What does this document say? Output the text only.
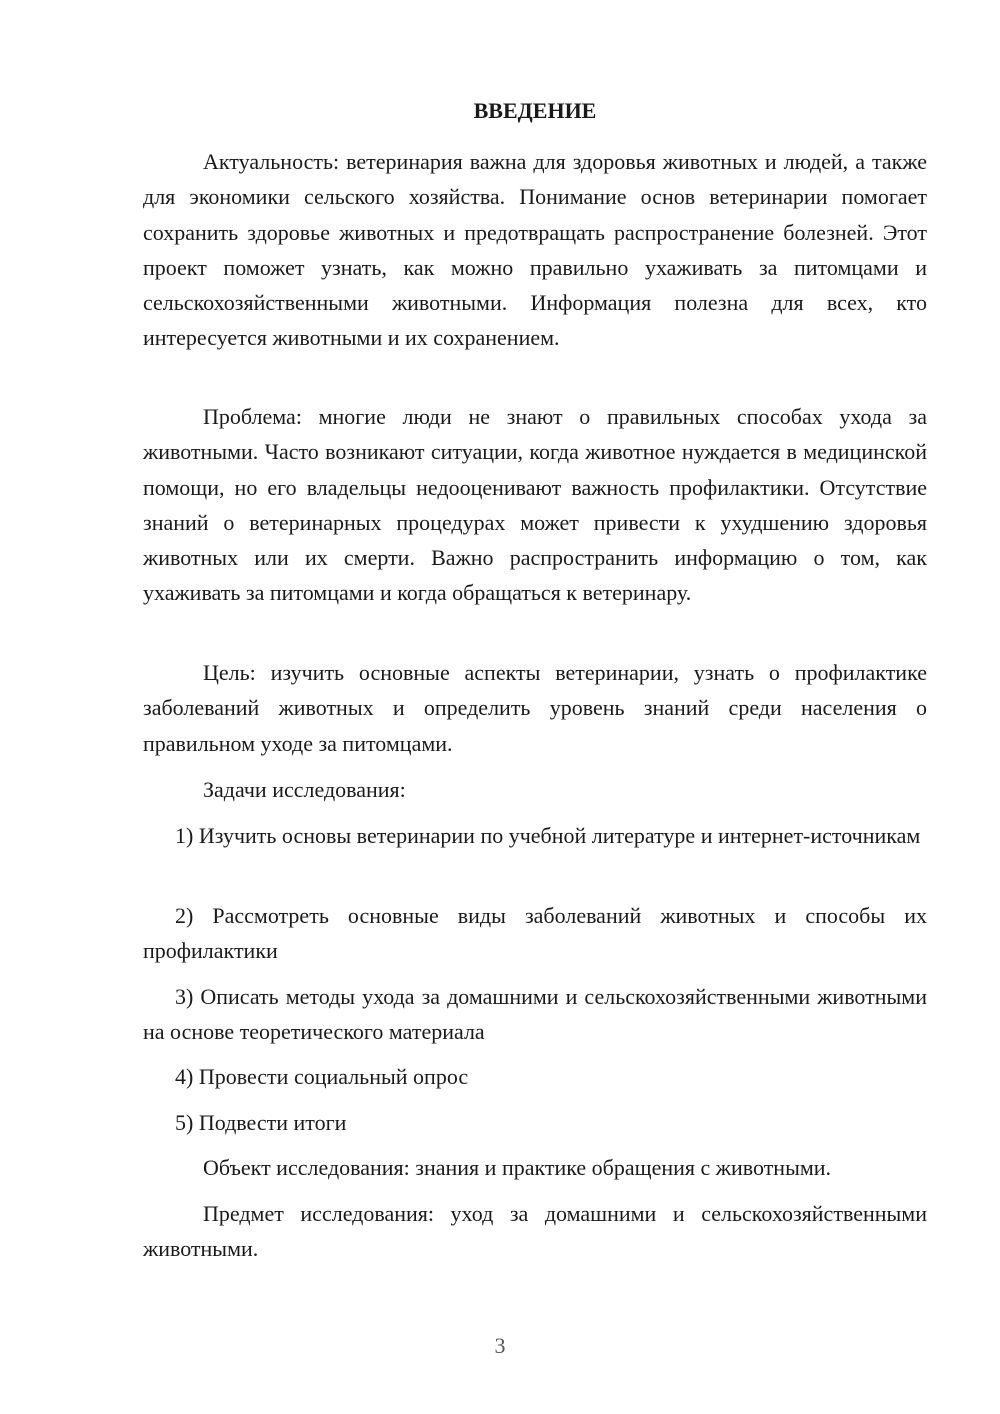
ВВЕДЕНИЕ

Актуальность: ветеринария важна для здоровья животных и людей, а также для экономики сельского хозяйства. Понимание основ ветеринарии помогает сохранить здоровье животных и предотвращать распространение болезней. Этот проект поможет узнать, как можно правильно ухаживать за питомцами и сельскохозяйственными животными. Информация полезна для всех, кто интересуется животными и их сохранением.

Проблема: многие люди не знают о правильных способах ухода за животными. Часто возникают ситуации, когда животное нуждается в медицинской помощи, но его владельцы недооценивают важность профилактики. Отсутствие знаний о ветеринарных процедурах может привести к ухудшению здоровья животных или их смерти. Важно распространить информацию о том, как ухаживать за питомцами и когда обращаться к ветеринару.

Цель: изучить основные аспекты ветеринарии, узнать о профилактике заболеваний животных и определить уровень знаний среди населения о правильном уходе за питомцами.

Задачи исследования:

1) Изучить основы ветеринарии по учебной литературе и интернет-источникам

2) Рассмотреть основные виды заболеваний животных и способы их профилактики

3) Описать методы ухода за домашними и сельскохозяйственными животными на основе теоретического материала

4) Провести социальный опрос

5) Подвести итоги

Объект исследования: знания и практике обращения с животными.

Предмет исследования: уход за домашними и сельскохозяйственными животными.

3
